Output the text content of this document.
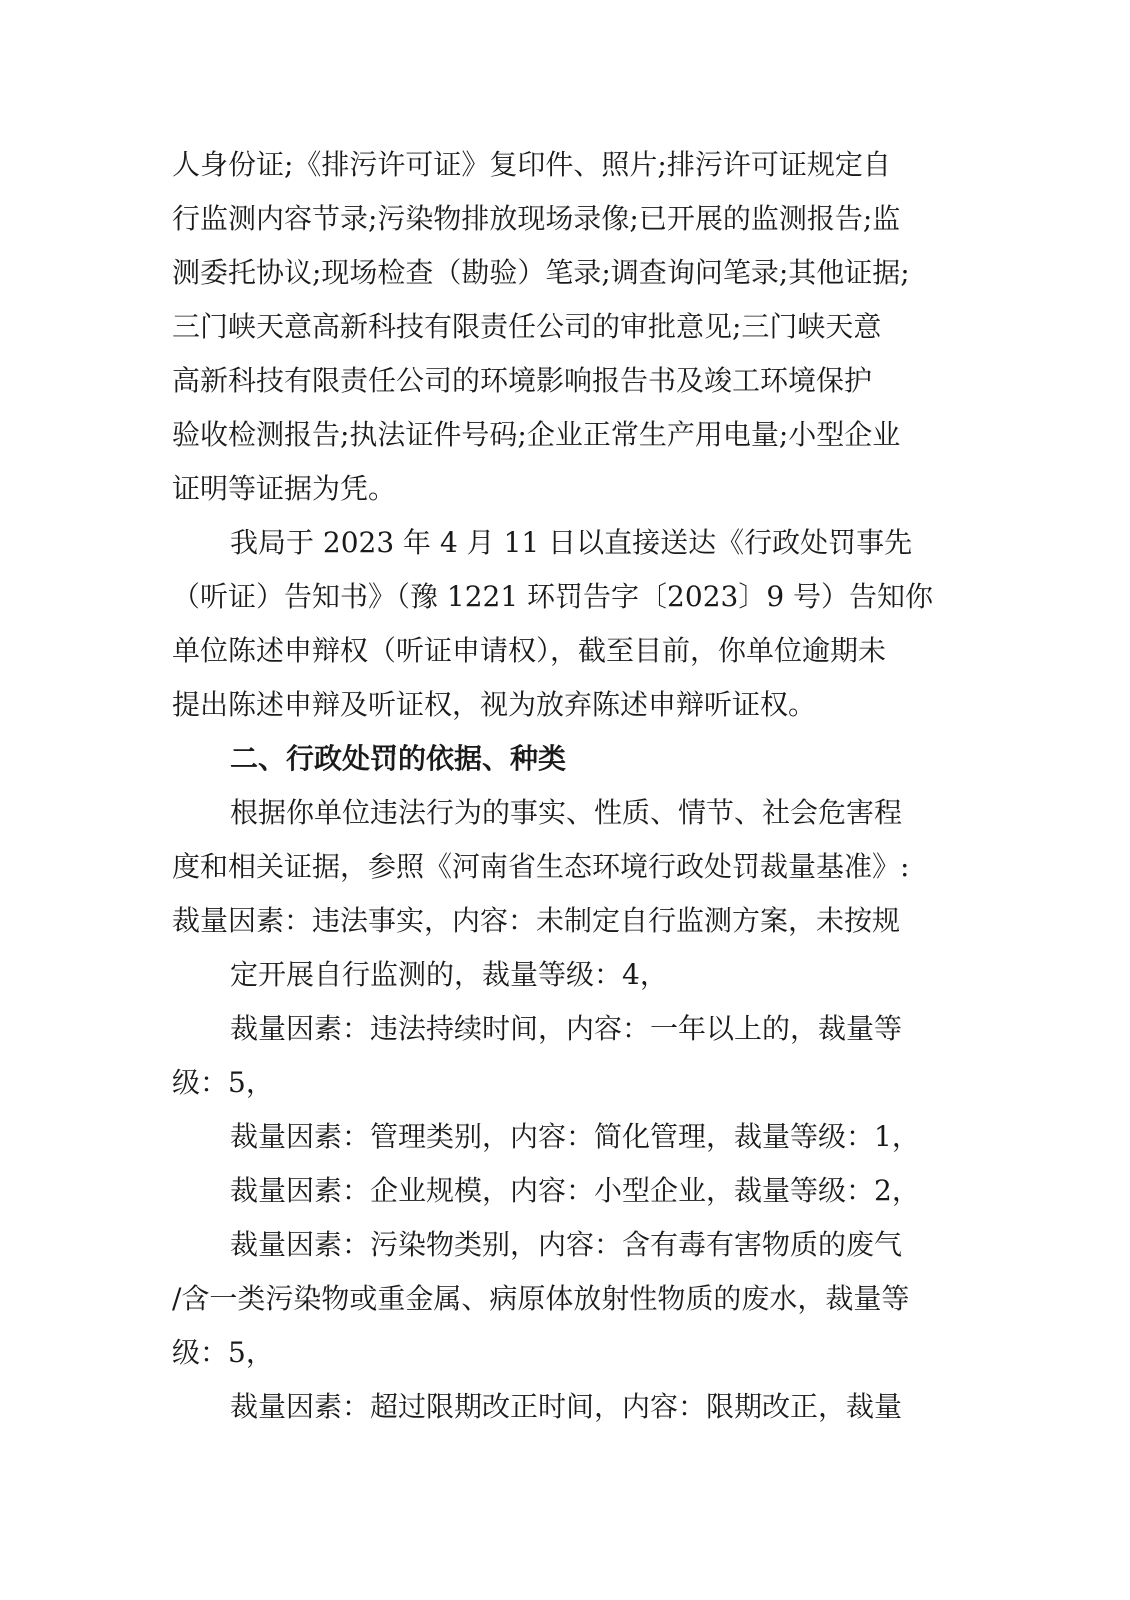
人身份证;《排污许可证》复印件、照片;排污许可证规定自
行监测内容节录;污染物排放现场录像;已开展的监测报告;监
测委托协议;现场检查（勘验）笔录;调查询问笔录;其他证据;
三门峡天意高新科技有限责任公司的审批意见;三门峡天意
高新科技有限责任公司的环境影响报告书及竣工环境保护
验收检测报告;执法证件号码;企业正常生产用电量;小型企业
证明等证据为凭。
我局于 2023 年 4 月 11 日以直接送达《行政处罚事先
（听证）告知书》（豫 1221 环罚告字〔2023〕9 号）告知你
单位陈述申辩权（听证申请权），截至目前，你单位逾期未
提出陈述申辩及听证权，视为放弃陈述申辩听证权。
二、行政处罚的依据、种类
根据你单位违法行为的事实、性质、情节、社会危害程
度和相关证据，参照《河南省生态环境行政处罚裁量基准》:
裁量因素：违法事实，内容：未制定自行监测方案，未按规
定开展自行监测的，裁量等级：4，
裁量因素：违法持续时间，内容：一年以上的，裁量等
级：5，
裁量因素：管理类别，内容：简化管理，裁量等级：1，
裁量因素：企业规模，内容：小型企业，裁量等级：2，
裁量因素：污染物类别，内容：含有毒有害物质的废气
/含一类污染物或重金属、病原体放射性物质的废水，裁量等
级：5，
裁量因素：超过限期改正时间，内容：限期改正，裁量
